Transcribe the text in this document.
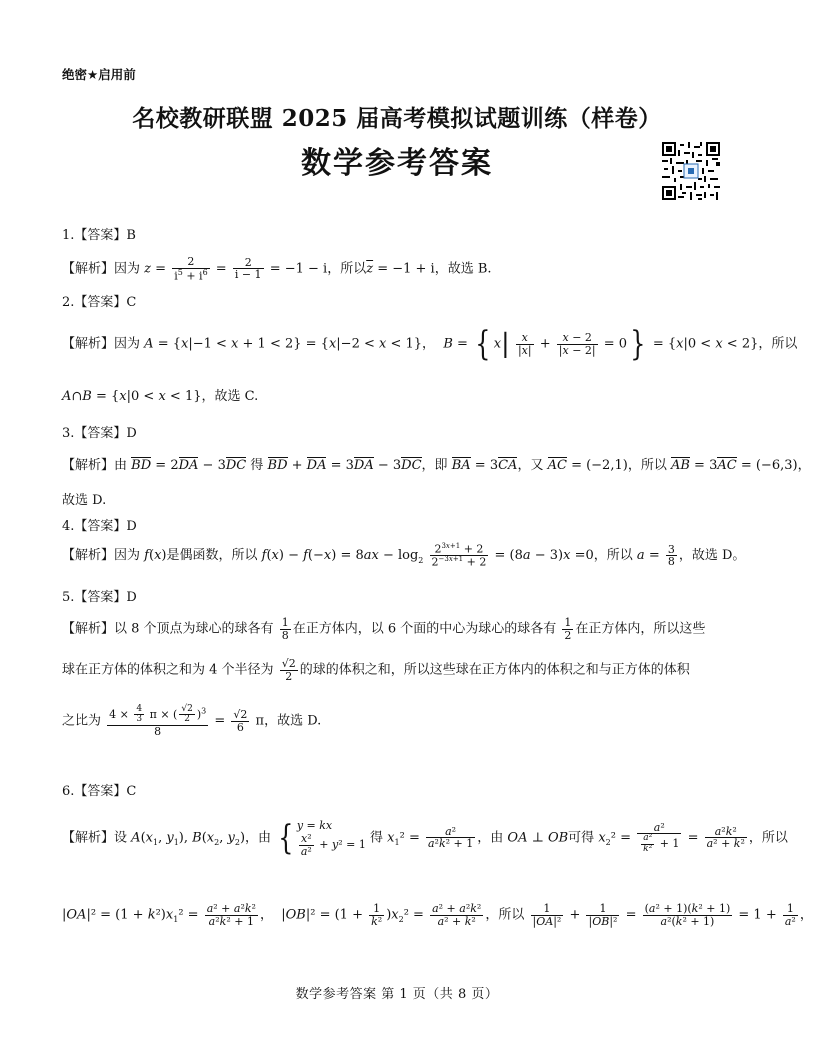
绝密★启用前
名校教研联盟 2025 届高考模拟试题训练（样卷）
数学参考答案
1.【答案】B
【解析】因为 $z = \frac{2}{i^5 + i^6} = \frac{2}{i - 1} = -1 - i$，所以$\overline{z} = -1 + i$，故选 B.
2.【答案】C
【解析】因为 A = {x|−1 < x + 1 < 2} = {x|−2 < x < 1}， B = { $x| \frac{x}{|x|} + \frac{x - 2}{|x - 2|} = 0\} = \{x|0 < x < 2\}$，所以
A∩B = {x|0 < x < 1}，故选 C.
3.【答案】D
【解析】由 BD = 2DA − 3DC 得 BD + DA = 3DA − 3DC，即 BA = 3CA，又 AC = (−2,1)，所以 AB = 3AC = (−6,3)，
故选 D.
4.【答案】D
【解析】因为 f(x)是偶函数，所以 $f(x) - f(-x) = 8ax - \log_2 \frac{2^{3x+1} + 2}{2^{-3x+1} + 2} = (8a - 3)x =0$，所以 $a = \frac{3}{8}$ ，故选 D。
5.【答案】D
【解析】以 8 个顶点为球心的球各有 $\frac{1}{8}$ 在正方体内，以 6 个面的中心为球心的球各有 $\frac{1}{2}$ 在正方体内，所以这些
球在正方体的体积之和为 4 个半径为 $\frac{√2}{2}$ 的球的体积之和，所以这些球在正方体内的体积之和与正方体的体积
之比为 $\frac{4 \times \frac{4}{3} \pi \times ( \frac{√2}{2} )^3}{8} = \frac{√2}{6}$ π，故选 D.
6.【答案】C
【解析】设 $A(x_1$, $y_1$), $B(x_2$, $y_2$)，由 { y = kx

$\frac{\text{x²}}{\text{a²}} + y^2 = 1$ 得 $x_1^2 = \frac{\text{a²}}{\text{a²k² + 1}}$ ，由 OA ⊥ OB可得 $x_2^2 = \frac{\text{a²}}{\frac{\text{a²}}{\text{k²}} + 1} = \frac{\text{a²k²}}{\text{a² + k²}}$ ，所以
$|OA|^2 = (1 + k^2)x_1^2 = \frac{\text{a² + a²k²}}{\text{a²k² + 1}}$ ，  $|OB|^2 = (1 + \frac{1}{\text{k²}} )x_2^2 = \frac{\text{a² + a²k²}}{\text{a² + k²}}$ ，所以 $\frac{1}{\text{|OA|²}} + \frac{1}{\text{|OB|²}} = \frac{\text{(a² + 1)(k² + 1)}}{\text{a²(k² + 1)}} = 1 + \frac{1}{\text{a²}}$ ，
数学参考答案 第 1 页（共 8 页）
